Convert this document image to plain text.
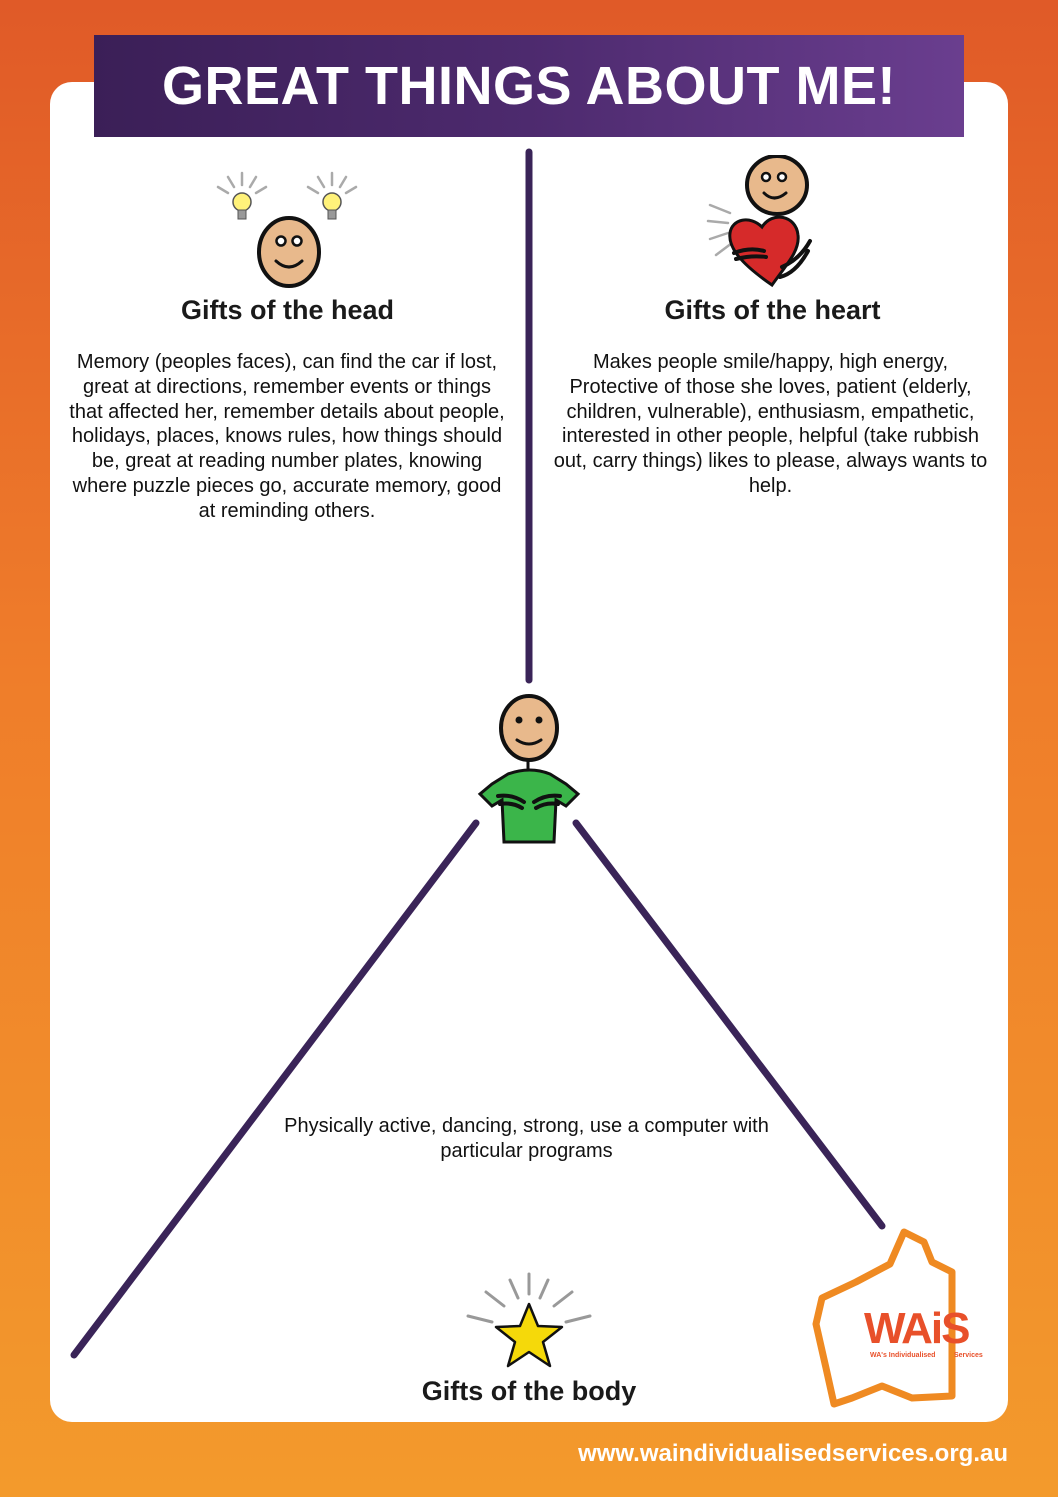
GREAT THINGS ABOUT ME!
Gifts of the head
Memory (peoples faces), can find the car if lost, great at directions, remember events or things that affected her, remember details about people, holidays, places, knows rules, how things should be, great at reading number plates, knowing where puzzle pieces go, accurate memory, good at reminding others.
Gifts of the heart
Makes people smile/happy, high energy, Protective of those she loves, patient (elderly, children, vulnerable), enthusiasm, empathetic, interested in other people, helpful (take rubbish out, carry things) likes to please, always wants to help.
Physically active, dancing, strong, use a computer with particular programs
Gifts of the body
WAiS
WA's Individualised	Services
www.waindividualisedservices.org.au
